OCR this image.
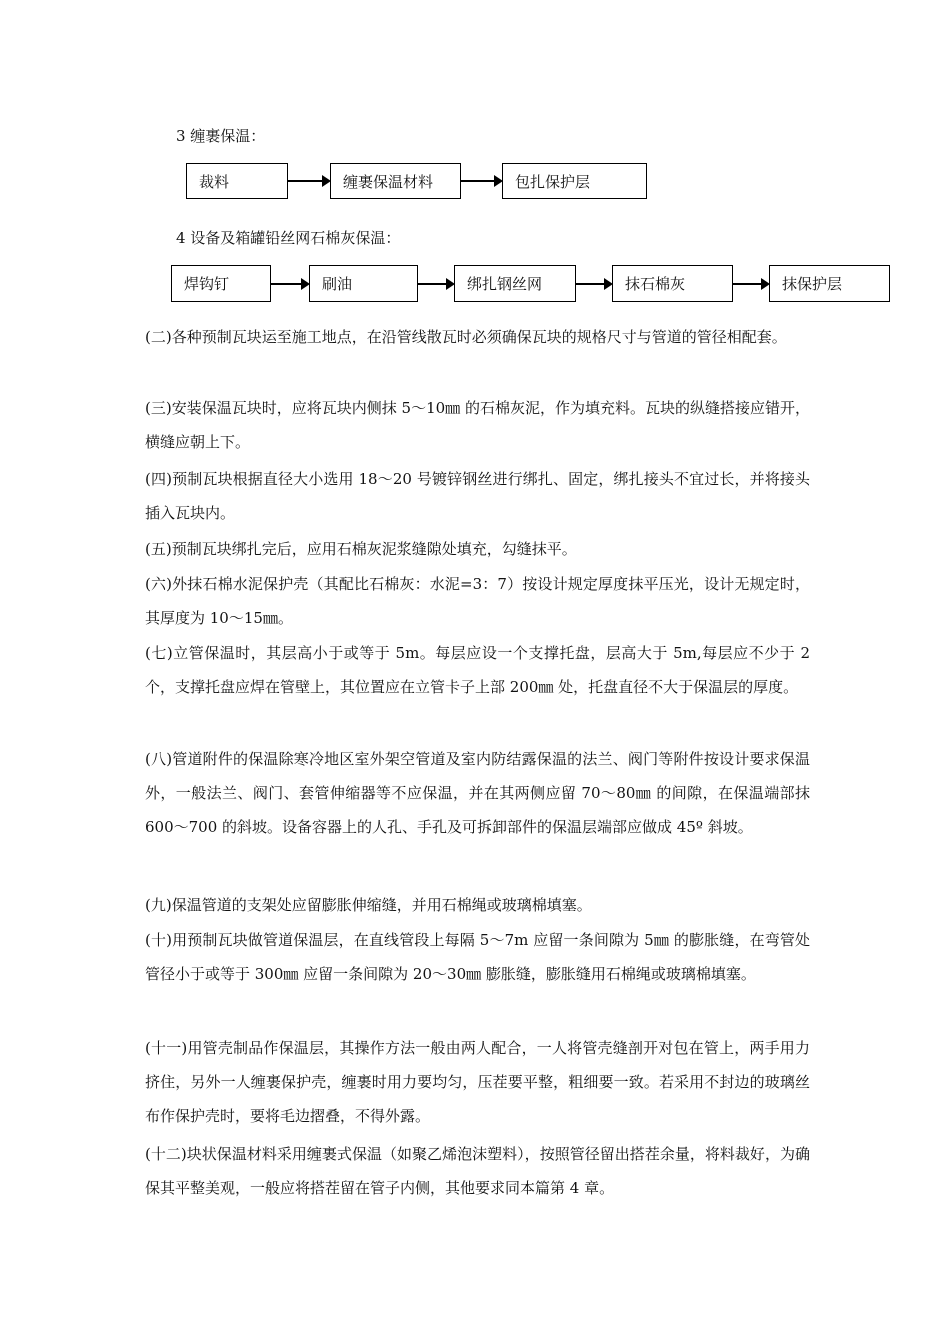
3 缠裹保温：
裁料	缠裹保温材料	包扎保护层
4 设备及箱罐铅丝网石棉灰保温：
焊钩钉	刷油	绑扎钢丝网	抹石棉灰	抹保护层
(二)各种预制瓦块运至施工地点，在沿管线散瓦时必须确保瓦块的规格尺寸与管道的管径相配套。
(三)安装保温瓦块时，应将瓦块内侧抹 5～10㎜ 的石棉灰泥，作为填充料。瓦块的纵缝搭接应错开，横缝应朝上下。
(四)预制瓦块根据直径大小选用 18～20 号镀锌钢丝进行绑扎、固定，绑扎接头不宜过长，并将接头插入瓦块内。
(五)预制瓦块绑扎完后，应用石棉灰泥浆缝隙处填充，勾缝抹平。
(六)外抹石棉水泥保护壳（其配比石棉灰：水泥=3：7）按设计规定厚度抹平压光，设计无规定时，其厚度为 10～15㎜。
(七)立管保温时，其层高小于或等于 5m。每层应设一个支撑托盘，层高大于 5m,每层应不少于 2 个，支撑托盘应焊在管壁上，其位置应在立管卡子上部 200㎜ 处，托盘直径不大于保温层的厚度。
(八)管道附件的保温除寒冷地区室外架空管道及室内防结露保温的法兰、阀门等附件按设计要求保温外，一般法兰、阀门、套管伸缩器等不应保温，并在其两侧应留 70～80㎜ 的间隙，在保温端部抹 600～700 的斜坡。设备容器上的人孔、手孔及可拆卸部件的保温层端部应做成 45º 斜坡。
(九)保温管道的支架处应留膨胀伸缩缝，并用石棉绳或玻璃棉填塞。
(十)用预制瓦块做管道保温层，在直线管段上每隔 5～7m 应留一条间隙为 5㎜ 的膨胀缝，在弯管处管径小于或等于 300㎜ 应留一条间隙为 20～30㎜ 膨胀缝，膨胀缝用石棉绳或玻璃棉填塞。
(十一)用管壳制品作保温层，其操作方法一般由两人配合，一人将管壳缝剖开对包在管上，两手用力挤住，另外一人缠裹保护壳，缠裹时用力要均匀，压茬要平整，粗细要一致。若采用不封边的玻璃丝布作保护壳时，要将毛边摺叠，不得外露。
(十二)块状保温材料采用缠裹式保温（如聚乙烯泡沫塑料），按照管径留出搭茬余量，将料裁好，为确保其平整美观，一般应将搭茬留在管子内侧，其他要求同本篇第 4 章。
